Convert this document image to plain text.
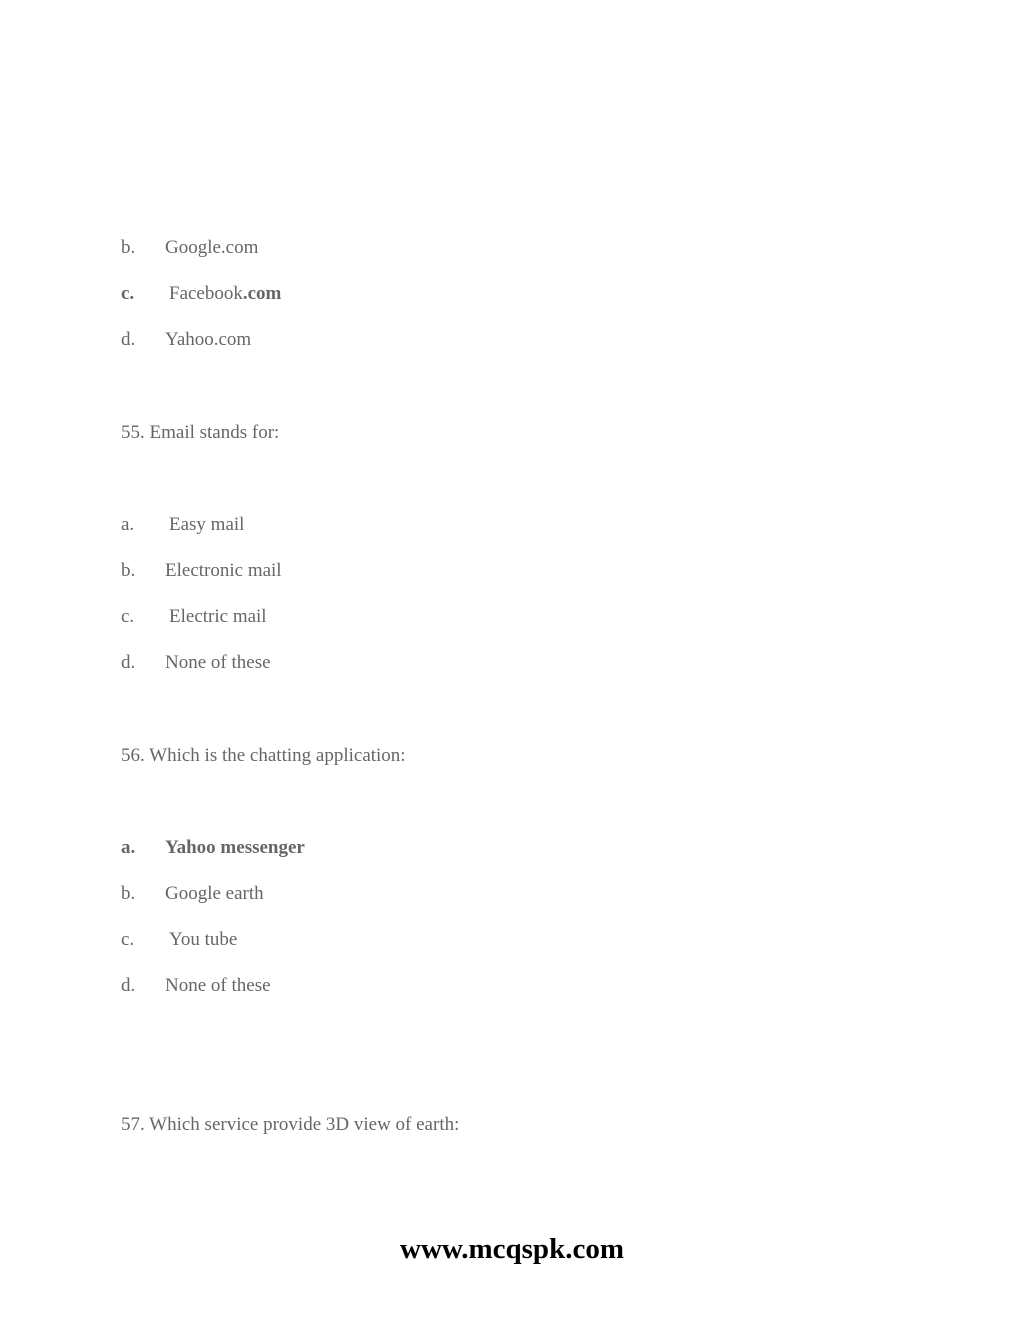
b. Google.com
c. Facebook.com
d. Yahoo.com
55. Email stands for:
a. Easy mail
b. Electronic mail
c. Electric mail
d. None of these
56. Which is the chatting application:
a. Yahoo messenger
b. Google earth
c. You tube
d. None of these
57. Which service provide 3D view of earth:
www.mcqspk.com
